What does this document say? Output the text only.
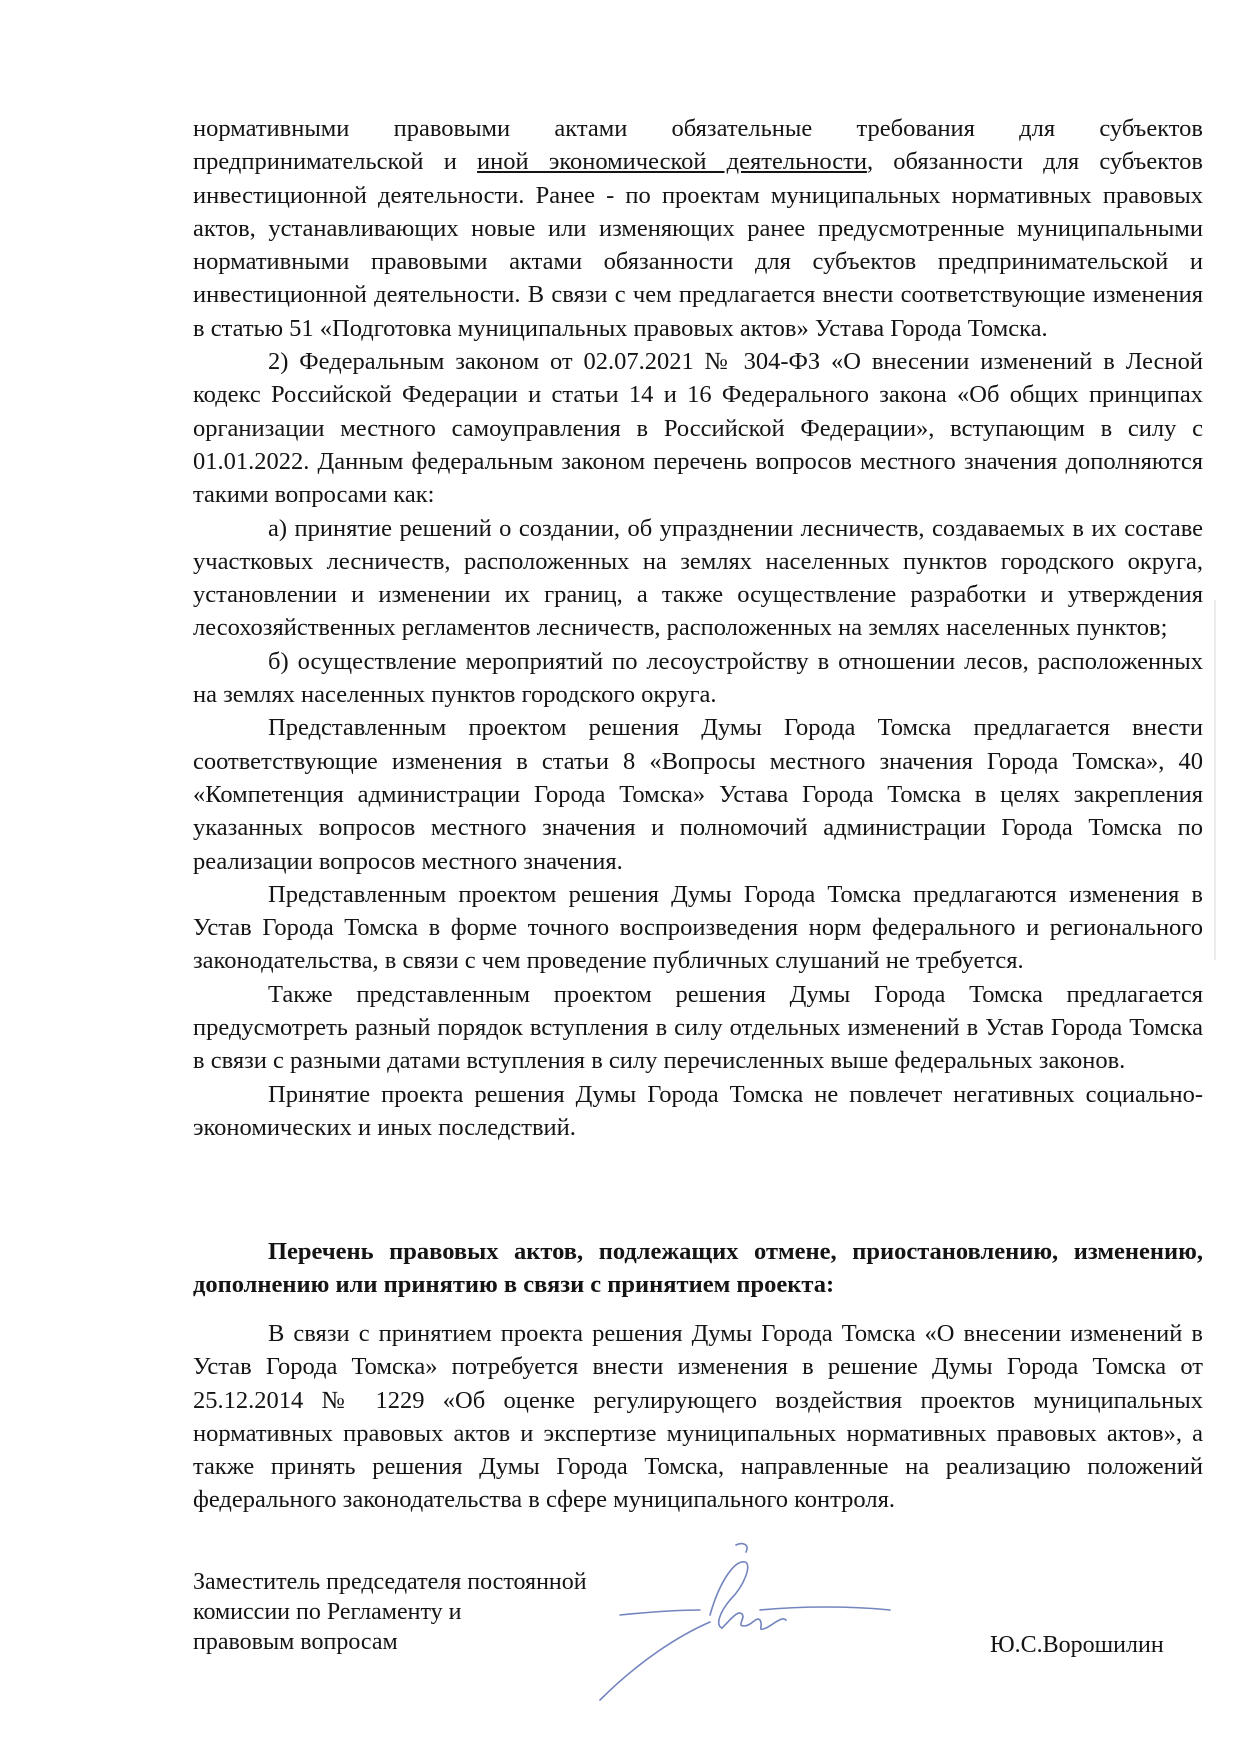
нормативными правовыми актами обязательные требования для субъектов предпринимательской и иной экономической деятельности, обязанности для субъектов инвестиционной деятельности. Ранее - по проектам муниципальных нормативных правовых актов, устанавливающих новые или изменяющих ранее предусмотренные муниципальными нормативными правовыми актами обязанности для субъектов предпринимательской и инвестиционной деятельности. В связи с чем предлагается внести соответствующие изменения в статью 51 «Подготовка муниципальных правовых актов» Устава Города Томска.

2) Федеральным законом от 02.07.2021 № 304-ФЗ «О внесении изменений в Лесной кодекс Российской Федерации и статьи 14 и 16 Федерального закона «Об общих принципах организации местного самоуправления в Российской Федерации», вступающим в силу с 01.01.2022. Данным федеральным законом перечень вопросов местного значения дополняются такими вопросами как:

а) принятие решений о создании, об упразднении лесничеств, создаваемых в их составе участковых лесничеств, расположенных на землях населенных пунктов городского округа, установлении и изменении их границ, а также осуществление разработки и утверждения лесохозяйственных регламентов лесничеств, расположенных на землях населенных пунктов;

б) осуществление мероприятий по лесоустройству в отношении лесов, расположенных на землях населенных пунктов городского округа.

Представленным проектом решения Думы Города Томска предлагается внести соответствующие изменения в статьи 8 «Вопросы местного значения Города Томска», 40 «Компетенция администрации Города Томска» Устава Города Томска в целях закрепления указанных вопросов местного значения и полномочий администрации Города Томска по реализации вопросов местного значения.

Представленным проектом решения Думы Города Томска предлагаются изменения в Устав Города Томска в форме точного воспроизведения норм федерального и регионального законодательства, в связи с чем проведение публичных слушаний не требуется.

Также представленным проектом решения Думы Города Томска предлагается предусмотреть разный порядок вступления в силу отдельных изменений в Устав Города Томска в связи с разными датами вступления в силу перечисленных выше федеральных законов.

Принятие проекта решения Думы Города Томска не повлечет негативных социально-экономических и иных последствий.

Перечень правовых актов, подлежащих отмене, приостановлению, изменению, дополнению или принятию в связи с принятием проекта:

В связи с принятием проекта решения Думы Города Томска «О внесении изменений в Устав Города Томска» потребуется внести изменения в решение Думы Города Томска от 25.12.2014 № 1229 «Об оценке регулирующего воздействия проектов муниципальных нормативных правовых актов и экспертизе муниципальных нормативных правовых актов», а также принять решения Думы Города Томска, направленные на реализацию положений федерального законодательства в сфере муниципального контроля.

Заместитель председателя постоянной
комиссии по Регламенту и
правовым вопросам	Ю.С.Ворошилин
